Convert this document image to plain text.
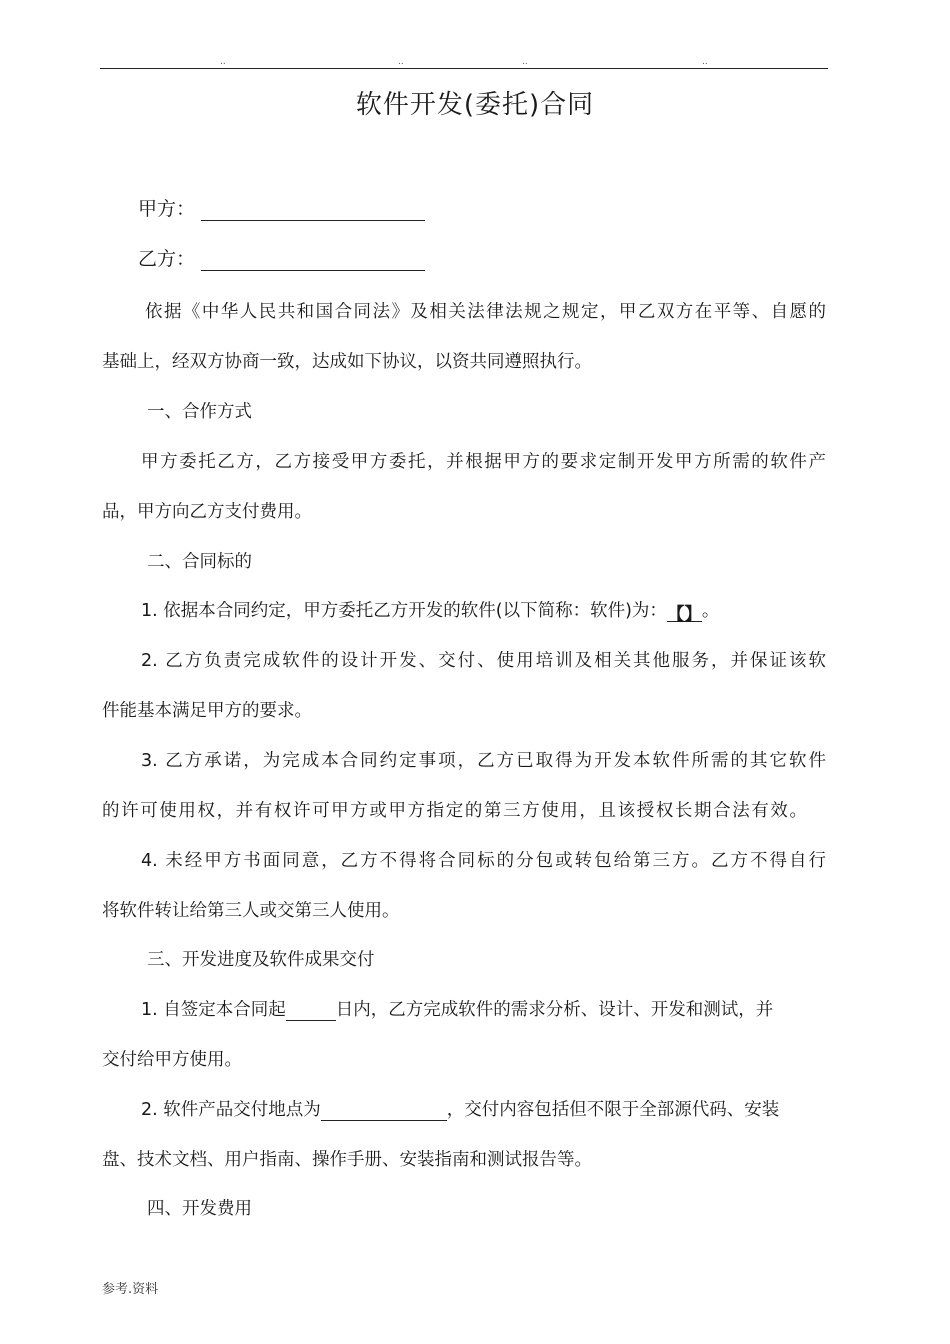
..	..	..	..
软件开发(委托)合同
甲方：
乙方：
依据《中华人民共和国合同法》及相关法律法规之规定，甲乙双方在平等、自愿的
基础上，经双方协商一致，达成如下协议，以资共同遵照执行。
一、合作方式
甲方委托乙方，乙方接受甲方委托，并根据甲方的要求定制开发甲方所需的软件产
品，甲方向乙方支付费用。
二、合同标的
1. 依据本合同约定，甲方委托乙方开发的软件(以下简称：软件)为：【】。
2. 乙方负责完成软件的设计开发、交付、使用培训及相关其他服务，并保证该软
件能基本满足甲方的要求。
3. 乙方承诺，为完成本合同约定事项，乙方已取得为开发本软件所需的其它软件
的许可使用权，并有权许可甲方或甲方指定的第三方使用，且该授权长期合法有效。
4. 未经甲方书面同意，乙方不得将合同标的分包或转包给第三方。乙方不得自行
将软件转让给第三人或交第三人使用。
三、开发进度及软件成果交付
1. 自签定本合同起	日内，乙方完成软件的需求分析、设计、开发和测试，并
交付给甲方使用。
2. 软件产品交付地点为	，交付内容包括但不限于全部源代码、安装
盘、技术文档、用户指南、操作手册、安装指南和测试报告等。
四、开发费用
参考.资料
